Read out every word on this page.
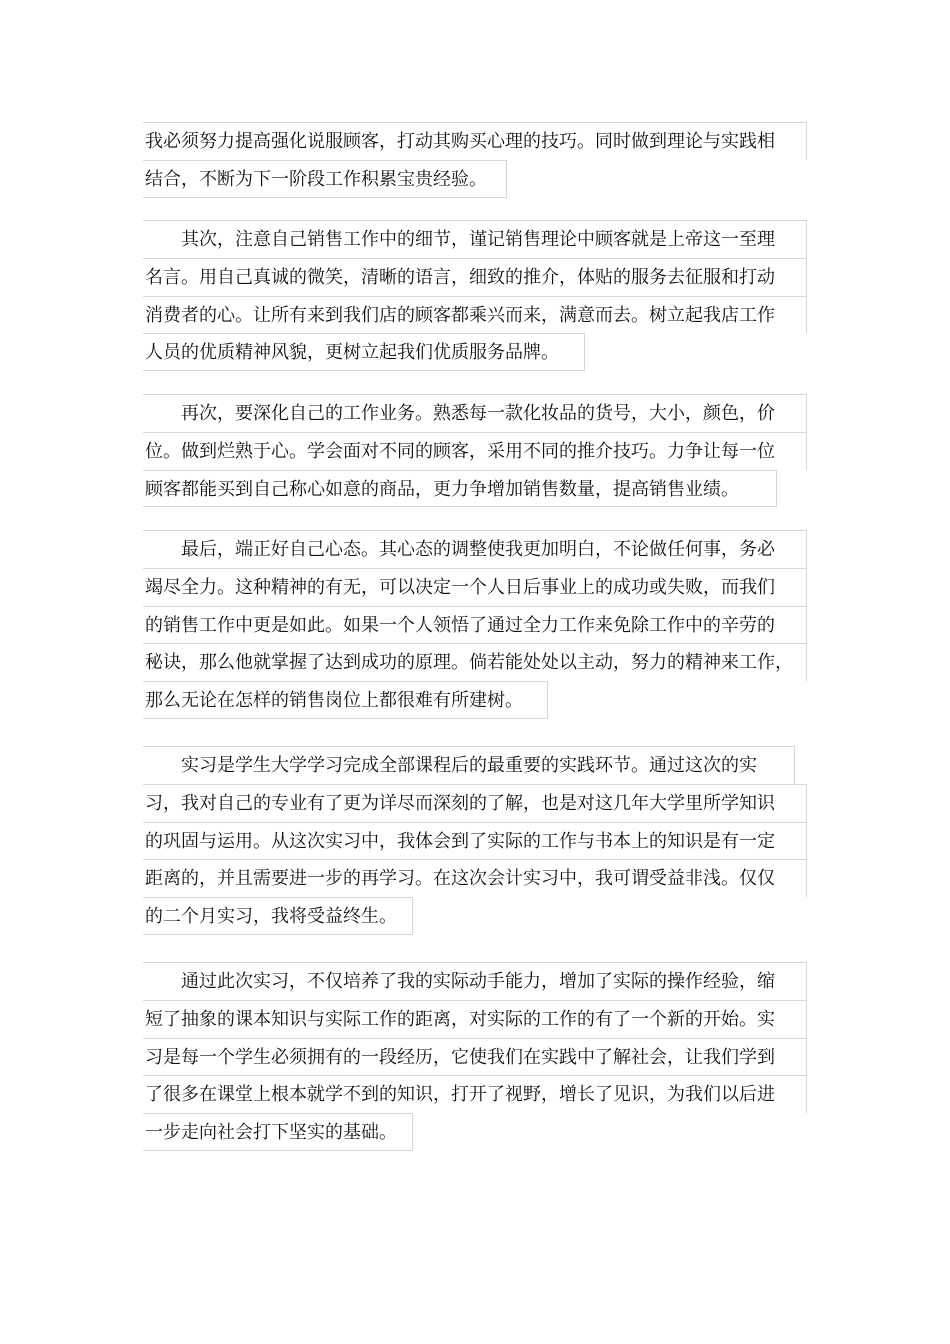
我必须努力提高强化说服顾客，打动其购买心理的技巧。同时做到理论与实践相
结合，不断为下一阶段工作积累宝贵经验。
其次，注意自己销售工作中的细节，谨记销售理论中顾客就是上帝这一至理
名言。用自己真诚的微笑，清晰的语言，细致的推介，体贴的服务去征服和打动
消费者的心。让所有来到我们店的顾客都乘兴而来，满意而去。树立起我店工作
人员的优质精神风貌，更树立起我们优质服务品牌。
再次，要深化自己的工作业务。熟悉每一款化妆品的货号，大小，颜色，价
位。做到烂熟于心。学会面对不同的顾客，采用不同的推介技巧。力争让每一位
顾客都能买到自己称心如意的商品，更力争增加销售数量，提高销售业绩。
最后，端正好自己心态。其心态的调整使我更加明白，不论做任何事，务必
竭尽全力。这种精神的有无，可以决定一个人日后事业上的成功或失败，而我们
的销售工作中更是如此。如果一个人领悟了通过全力工作来免除工作中的辛劳的
秘诀，那么他就掌握了达到成功的原理。倘若能处处以主动，努力的精神来工作，
那么无论在怎样的销售岗位上都很难有所建树。
实习是学生大学学习完成全部课程后的最重要的实践环节。通过这次的实
习，我对自己的专业有了更为详尽而深刻的了解，也是对这几年大学里所学知识
的巩固与运用。从这次实习中，我体会到了实际的工作与书本上的知识是有一定
距离的，并且需要进一步的再学习。在这次会计实习中，我可谓受益非浅。仅仅
的二个月实习，我将受益终生。
通过此次实习，不仅培养了我的实际动手能力，增加了实际的操作经验，缩
短了抽象的课本知识与实际工作的距离，对实际的工作的有了一个新的开始。实
习是每一个学生必须拥有的一段经历，它使我们在实践中了解社会，让我们学到
了很多在课堂上根本就学不到的知识，打开了视野，增长了见识，为我们以后进
一步走向社会打下坚实的基础。
